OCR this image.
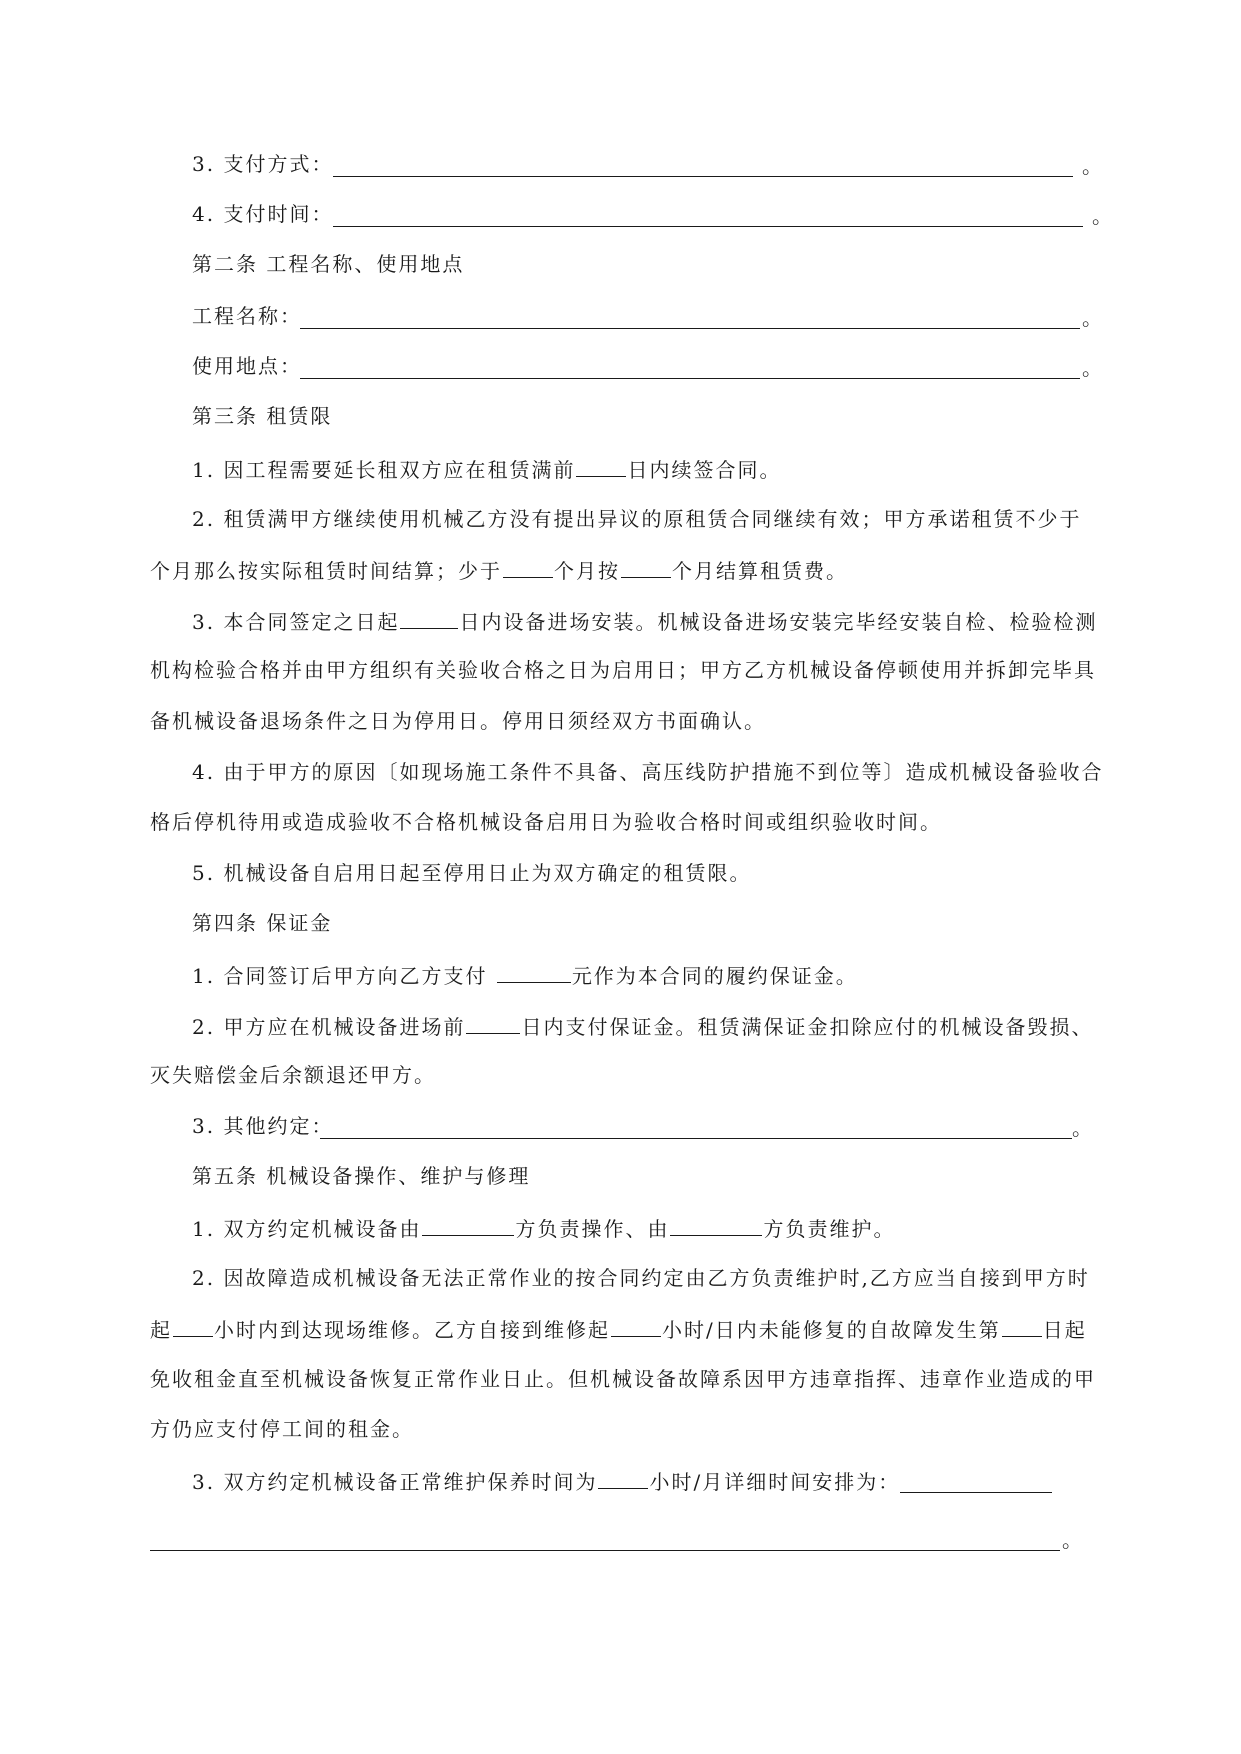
3. 支付方式：	。
4. 支付时间：	。
第二条 工程名称、使用地点
工程名称：	。
使用地点：	。
第三条 租赁限
1. 因工程需要延长租双方应在租赁满前	日内续签合同。
2. 租赁满甲方继续使用机械乙方没有提出异议的原租赁合同继续有效；甲方承诺租赁不少于
个月那么按实际租赁时间结算；少于	个月按	个月结算租赁费。
3. 本合同签定之日起	日内设备进场安装。机械设备进场安装完毕经安装自检、检验检测
机构检验合格并由甲方组织有关验收合格之日为启用日；甲方乙方机械设备停顿使用并拆卸完毕具
备机械设备退场条件之日为停用日。停用日须经双方书面确认。
4. 由于甲方的原因〔如现场施工条件不具备、高压线防护措施不到位等〕造成机械设备验收合
格后停机待用或造成验收不合格机械设备启用日为验收合格时间或组织验收时间。
5. 机械设备自启用日起至停用日止为双方确定的租赁限。
第四条 保证金
1. 合同签订后甲方向乙方支付	元作为本合同的履约保证金。
2. 甲方应在机械设备进场前	日内支付保证金。租赁满保证金扣除应付的机械设备毁损、
灭失赔偿金后余额退还甲方。
3. 其他约定：	。
第五条 机械设备操作、维护与修理
1. 双方约定机械设备由	方负责操作、由	方负责维护。
2. 因故障造成机械设备无法正常作业的按合同约定由乙方负责维护时,乙方应当自接到甲方时
起 小时内到达现场维修。乙方自接到维修起	小时/日内未能修复的自故障发生第 日起
免收租金直至机械设备恢复正常作业日止。但机械设备故障系因甲方违章指挥、违章作业造成的甲
方仍应支付停工间的租金。
3. 双方约定机械设备正常维护保养时间为	小时/月详细时间安排为：
。
